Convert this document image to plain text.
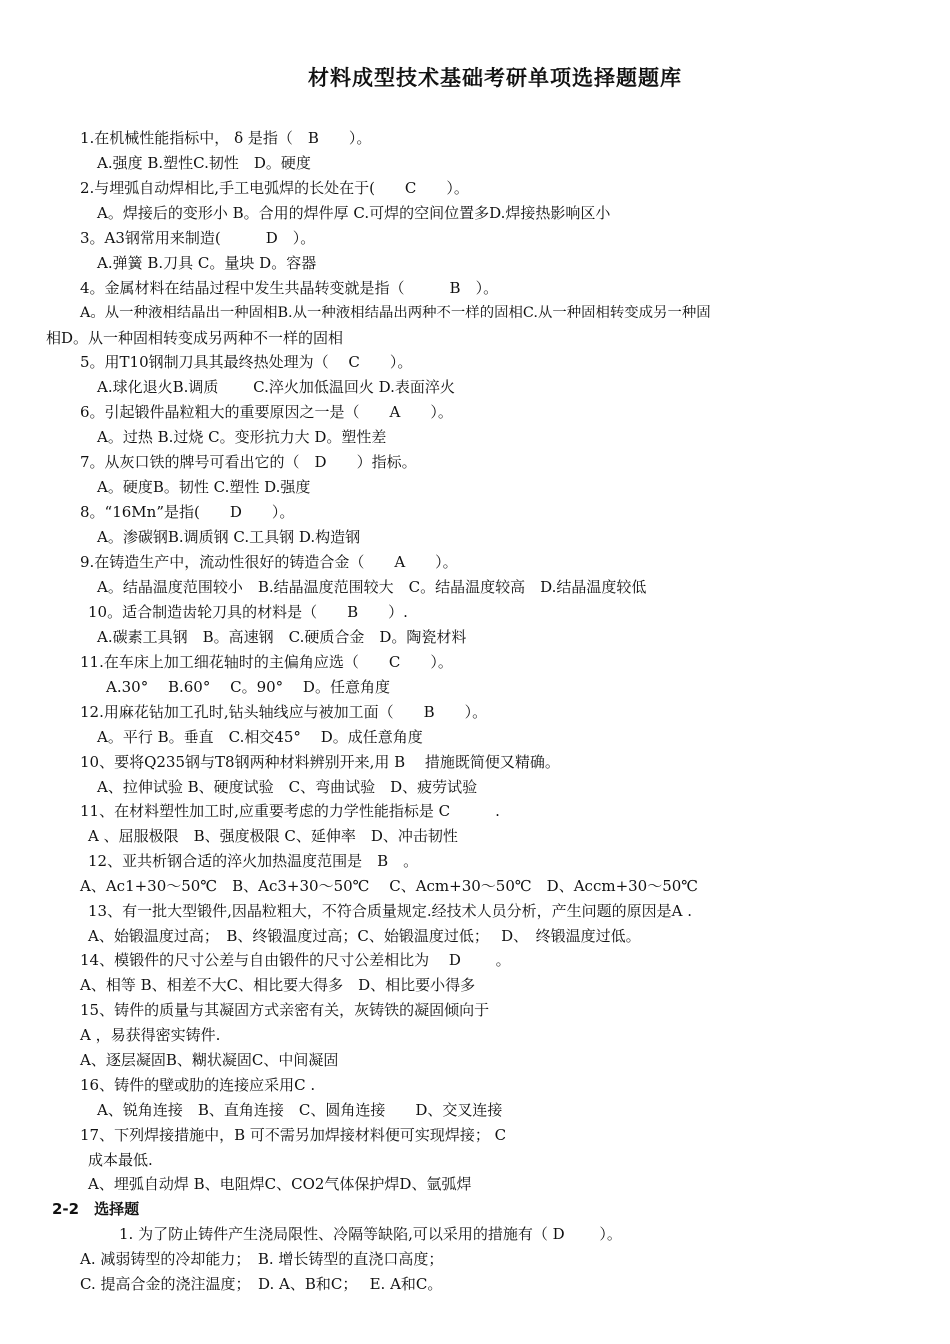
材料成型技术基础考研单项选择题题库
1.在机械性能指标中， δ 是指（　B　　）。
A.强度 B.塑性C.韧性　D。硬度
2.与埋弧自动焊相比,手工电弧焊的长处在于(　　C　　）。
A。焊接后的变形小 B。合用的焊件厚 C.可焊的空间位置多D.焊接热影响区小
3。A3钢常用来制造(　　　D　）。
A.弹簧 B.刀具 C。量块 D。容器
4。金属材料在结晶过程中发生共晶转变就是指（　　　B　）。
A。从一种液相结晶出一种固相B.从一种液相结晶出两种不一样的固相C.从一种固相转变成另一种固
相D。从一种固相转变成另两种不一样的固相
5。用T10钢制刀具其最终热处理为（　 C　　）。
A.球化退火B.调质　　 C.淬火加低温回火 D.表面淬火
6。引起锻件晶粒粗大的重要原因之一是（　　A　　）。
A。过热 B.过烧 C。变形抗力大 D。塑性差
7。从灰口铁的牌号可看出它的（　D　　）指标。
A。硬度B。韧性 C.塑性 D.强度
8。“16Mn”是指(　　D　　）。
A。渗碳钢B.调质钢 C.工具钢 D.构造钢
9.在铸造生产中，流动性很好的铸造合金（　　A　　）。
A。结晶温度范围较小　B.结晶温度范围较大　C。结晶温度较高　D.结晶温度较低
10。适合制造齿轮刀具的材料是（　　B　　）.
A.碳素工具钢　B。高速钢　C.硬质合金　D。陶瓷材料
11.在车床上加工细花轴时的主偏角应选（　　C　　）。
A.30°　 B.60°　 C。90°　 D。任意角度
12.用麻花钻加工孔时,钻头轴线应与被加工面（　　B　　）。
A。平行 B。垂直　C.相交45°　 D。成任意角度
10、要将Q235钢与T8钢两种材料辨别开来,用 B　 措施既简便又精确。
A、拉伸试验 B、硬度试验　C、弯曲试验　D、疲劳试验
11、在材料塑性加工时,应重要考虑的力学性能指标是 C　　　.
A 、屈服极限　B、强度极限 C、延伸率　D、冲击韧性
12、亚共析钢合适的淬火加热温度范围是　B　。
A、Ac1+30～50℃　B、Ac3+30～50℃　 C、Acm+30～50℃　D、Accm+30～50℃
13、有一批大型锻件,因晶粒粗大，不符合质量规定.经技术人员分析，产生问题的原因是A .
A、始锻温度过高；　B、终锻温度过高；C、始锻温度过低；　 D、　终锻温度过低。
14、模锻件的尺寸公差与自由锻件的尺寸公差相比为　 D　　 。
A、相等 B、相差不大C、相比要大得多　D、相比要小得多
15、铸件的质量与其凝固方式亲密有关，灰铸铁的凝固倾向于
A ，易获得密实铸件.
A、逐层凝固B、糊状凝固C、中间凝固
16、铸件的壁或肋的连接应采用C .
A、锐角连接　B、直角连接　C、圆角连接　　D、交叉连接
17、下列焊接措施中，B 可不需另加焊接材料便可实现焊接； C
成本最低.
A、埋弧自动焊 B、电阻焊C、CO2气体保护焊D、氩弧焊
2-2　选择题
1. 为了防止铸件产生浇局限性、冷隔等缺陷,可以采用的措施有（ D　　 ）。
A. 减弱铸型的冷却能力；　B. 增长铸型的直浇口高度；
C. 提高合金的浇注温度；　D. A、B和C；　 E. A和C。
